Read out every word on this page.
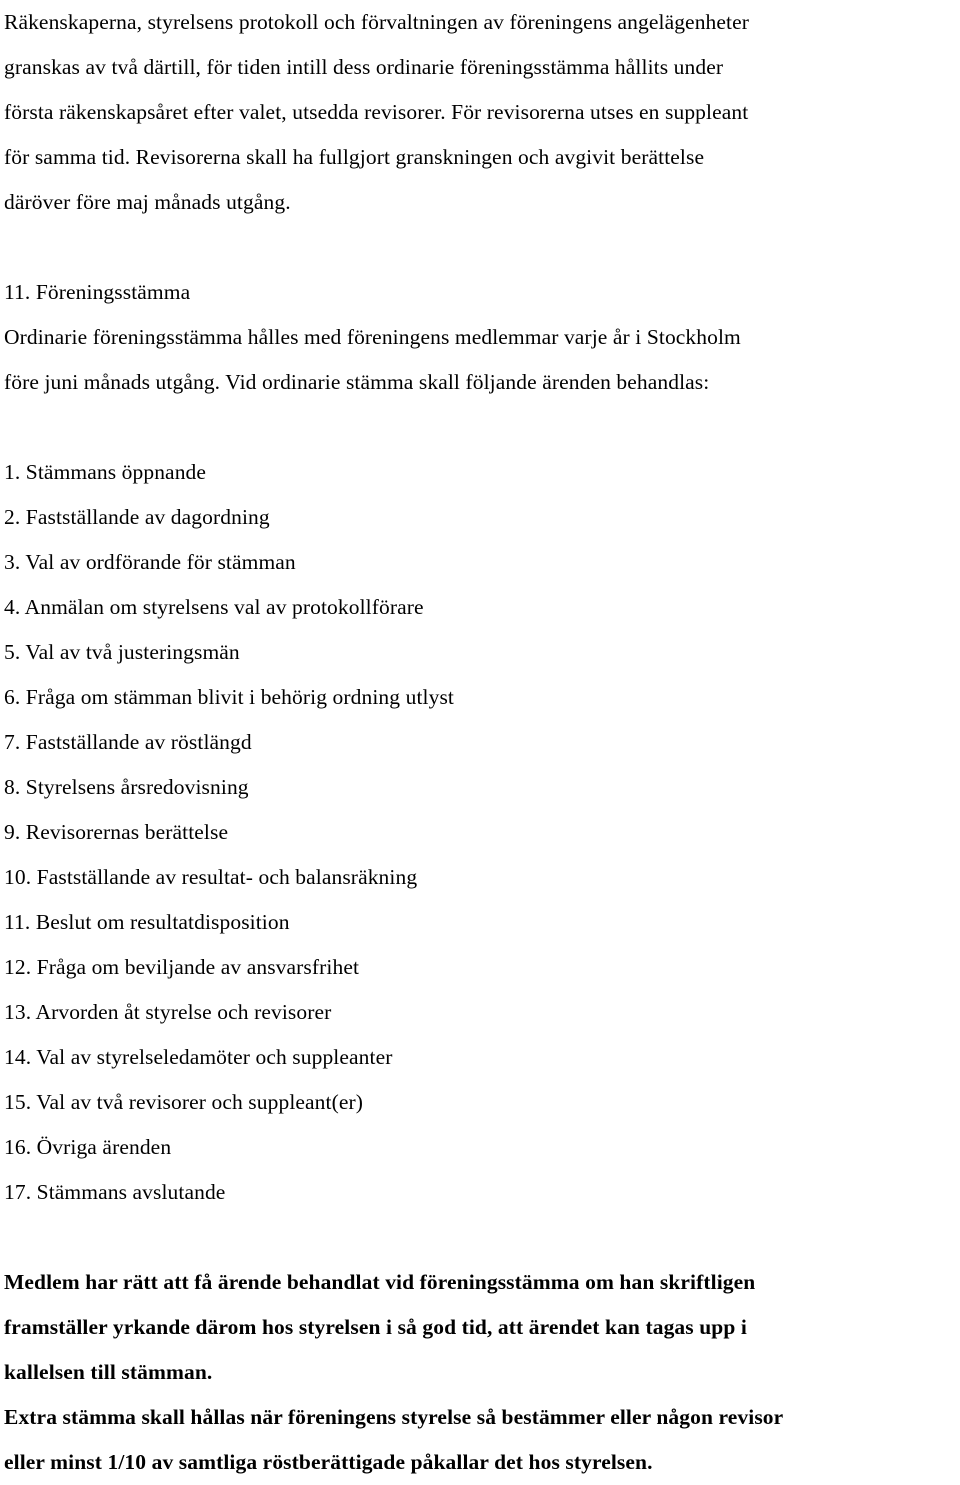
Räkenskaperna, styrelsens protokoll och förvaltningen av föreningens angelägenheter
granskas av två därtill, för tiden intill dess ordinarie föreningsstämma hållits under
första räkenskapsåret efter valet, utsedda revisorer. För revisorerna utses en suppleant
för samma tid. Revisorerna skall ha fullgjort granskningen och avgivit berättelse
däröver före maj månads utgång.
11. Föreningsstämma
Ordinarie föreningsstämma hålles med föreningens medlemmar varje år i Stockholm
före juni månads utgång. Vid ordinarie stämma skall följande ärenden behandlas:
1. Stämmans öppnande
2. Fastställande av dagordning
3. Val av ordförande för stämman
4. Anmälan om styrelsens val av protokollförare
5. Val av två justeringsmän
6. Fråga om stämman blivit i behörig ordning utlyst
7. Fastställande av röstlängd
8. Styrelsens årsredovisning
9. Revisorernas berättelse
10. Fastställande av resultat- och balansräkning
11. Beslut om resultatdisposition
12. Fråga om beviljande av ansvarsfrihet
13. Arvorden åt styrelse och revisorer
14. Val av styrelseledamöter och suppleanter
15. Val av två revisorer och suppleant(er)
16. Övriga ärenden
17. Stämmans avslutande
Medlem har rätt att få ärende behandlat vid föreningsstämma om han skriftligen
framställer yrkande därom hos styrelsen i så god tid, att ärendet kan tagas upp i
kallelsen till stämman.
Extra stämma skall hållas när föreningens styrelse så bestämmer eller någon revisor
eller minst 1/10 av samtliga röstberättigade påkallar det hos styrelsen.
